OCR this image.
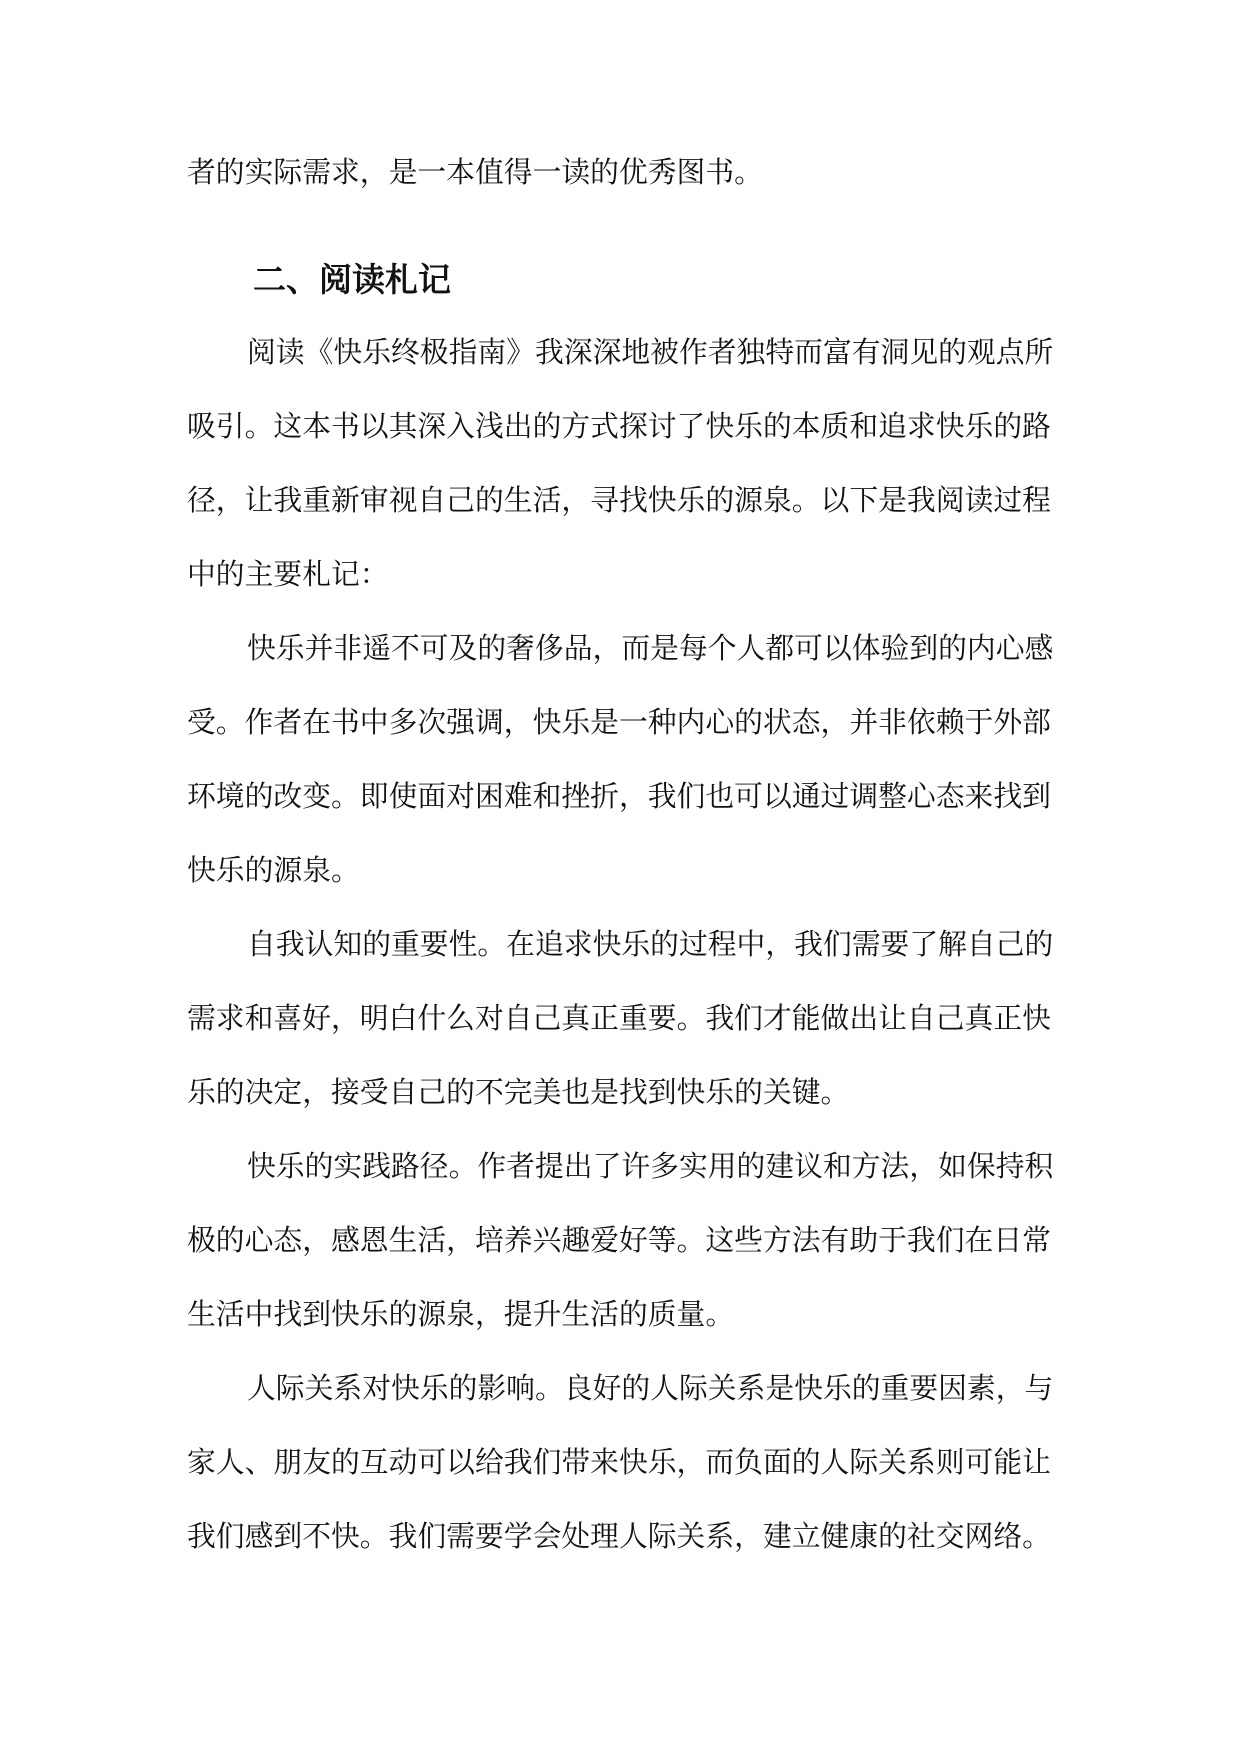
者的实际需求，是一本值得一读的优秀图书。
二、阅读札记
阅读《快乐终极指南》我深深地被作者独特而富有洞见的观点所
吸引。这本书以其深入浅出的方式探讨了快乐的本质和追求快乐的路
径，让我重新审视自己的生活，寻找快乐的源泉。以下是我阅读过程
中的主要札记：
快乐并非遥不可及的奢侈品，而是每个人都可以体验到的内心感
受。作者在书中多次强调，快乐是一种内心的状态，并非依赖于外部
环境的改变。即使面对困难和挫折，我们也可以通过调整心态来找到
快乐的源泉。
自我认知的重要性。在追求快乐的过程中，我们需要了解自己的
需求和喜好，明白什么对自己真正重要。我们才能做出让自己真正快
乐的决定，接受自己的不完美也是找到快乐的关键。
快乐的实践路径。作者提出了许多实用的建议和方法，如保持积
极的心态，感恩生活，培养兴趣爱好等。这些方法有助于我们在日常
生活中找到快乐的源泉，提升生活的质量。
人际关系对快乐的影响。良好的人际关系是快乐的重要因素，与
家人、朋友的互动可以给我们带来快乐，而负面的人际关系则可能让
我们感到不快。我们需要学会处理人际关系，建立健康的社交网络。
